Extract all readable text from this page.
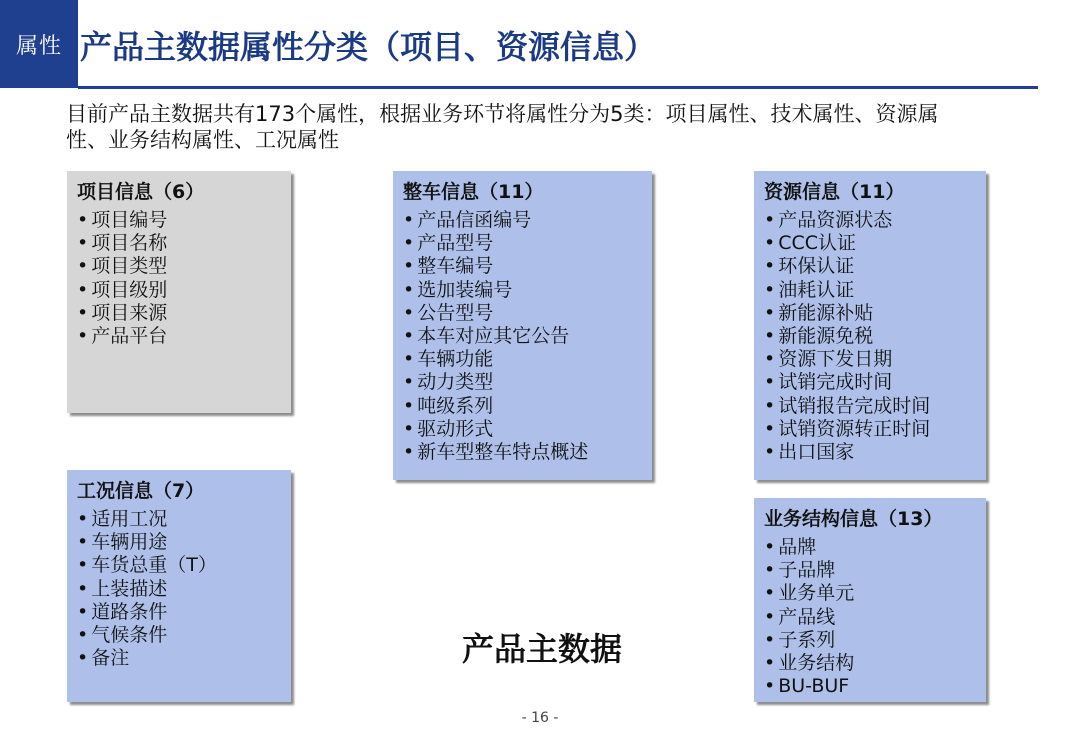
属性 产品主数据属性分类（项目、资源信息）
目前产品主数据共有173个属性，根据业务环节将属性分为5类：项目属性、技术属性、资源属性、业务结构属性、工况属性
项目信息（6）
• 项目编号
• 项目名称
• 项目类型
• 项目级别
• 项目来源
• 产品平台
整车信息（11）
• 产品信函编号
• 产品型号
• 整车编号
• 选加装编号
• 公告型号
• 本车对应其它公告
• 车辆功能
• 动力类型
• 吨级系列
• 驱动形式
• 新车型整车特点概述
资源信息（11）
• 产品资源状态
• CCC认证
• 环保认证
• 油耗认证
• 新能源补贴
• 新能源免税
• 资源下发日期
• 试销完成时间
• 试销报告完成时间
• 试销资源转正时间
• 出口国家
工况信息（7）
• 适用工况
• 车辆用途
• 车货总重（T）
• 上装描述
• 道路条件
• 气候条件
• 备注
业务结构信息（13）
• 品牌
• 子品牌
• 业务单元
• 产品线
• 子系列
• 业务结构
• BU-BUF
产品主数据
- 16 -
